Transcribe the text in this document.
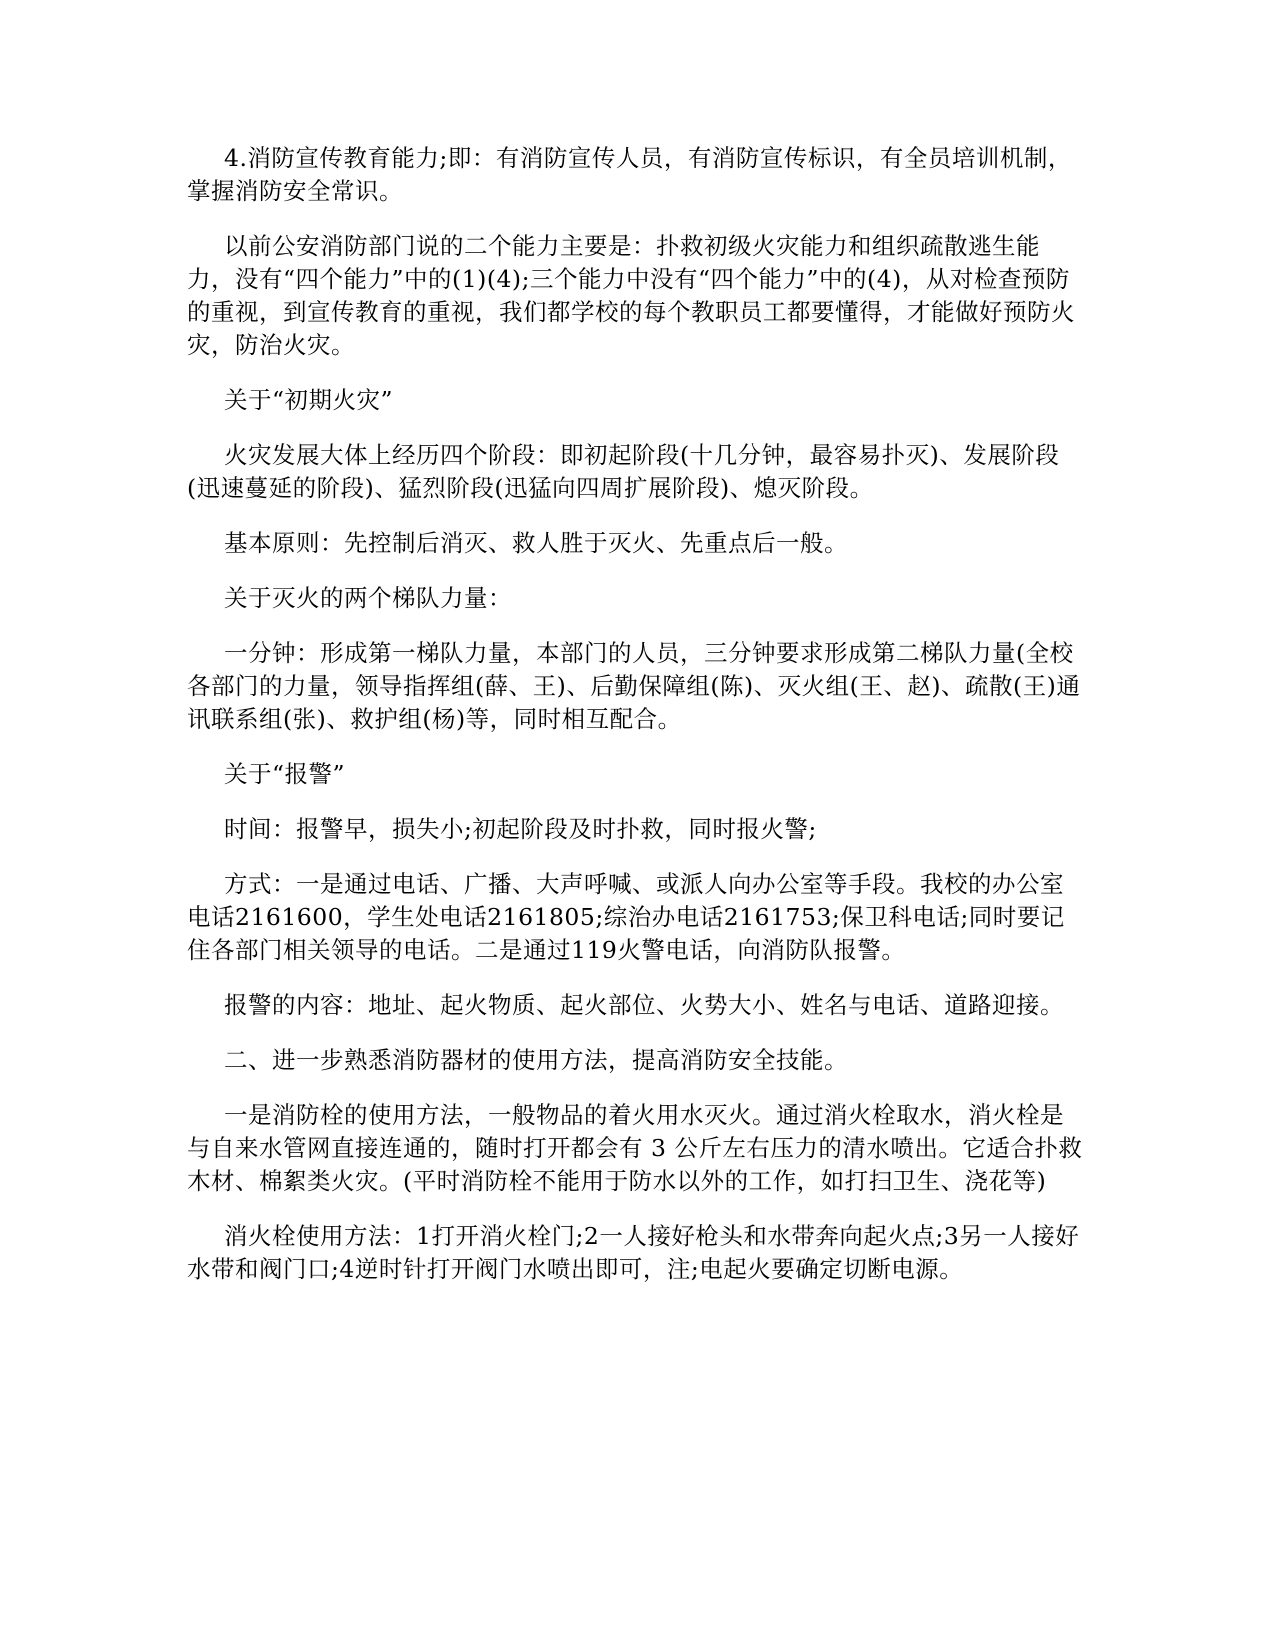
4.消防宣传教育能力;即：有消防宣传人员，有消防宣传标识，有全员培训机制，掌握消防安全常识。

以前公安消防部门说的二个能力主要是：扑救初级火灾能力和组织疏散逃生能力，没有“四个能力”中的(1)(4);三个能力中没有“四个能力”中的(4)，从对检查预防的重视，到宣传教育的重视，我们都学校的每个教职员工都要懂得，才能做好预防火灾，防治火灾。

关于“初期火灾”

火灾发展大体上经历四个阶段：即初起阶段(十几分钟，最容易扑灭)、发展阶段(迅速蔓延的阶段)、猛烈阶段(迅猛向四周扩展阶段)、熄灭阶段。

基本原则：先控制后消灭、救人胜于灭火、先重点后一般。

关于灭火的两个梯队力量：

一分钟：形成第一梯队力量，本部门的人员，三分钟要求形成第二梯队力量(全校各部门的力量，领导指挥组(薛、王)、后勤保障组(陈)、灭火组(王、赵)、疏散(王)通讯联系组(张)、救护组(杨)等，同时相互配合。

关于“报警”

时间：报警早，损失小;初起阶段及时扑救，同时报火警;

方式：一是通过电话、广播、大声呼喊、或派人向办公室等手段。我校的办公室电话2161600，学生处电话2161805;综治办电话2161753;保卫科电话;同时要记住各部门相关领导的电话。二是通过119火警电话，向消防队报警。

报警的内容：地址、起火物质、起火部位、火势大小、姓名与电话、道路迎接。

二、进一步熟悉消防器材的使用方法，提高消防安全技能。

一是消防栓的使用方法，一般物品的着火用水灭火。通过消火栓取水，消火栓是与自来水管网直接连通的，随时打开都会有 3 公斤左右压力的清水喷出。它适合扑救木材、棉絮类火灾。(平时消防栓不能用于防水以外的工作，如打扫卫生、浇花等)

消火栓使用方法：1打开消火栓门;2一人接好枪头和水带奔向起火点;3另一人接好水带和阀门口;4逆时针打开阀门水喷出即可，注;电起火要确定切断电源。
